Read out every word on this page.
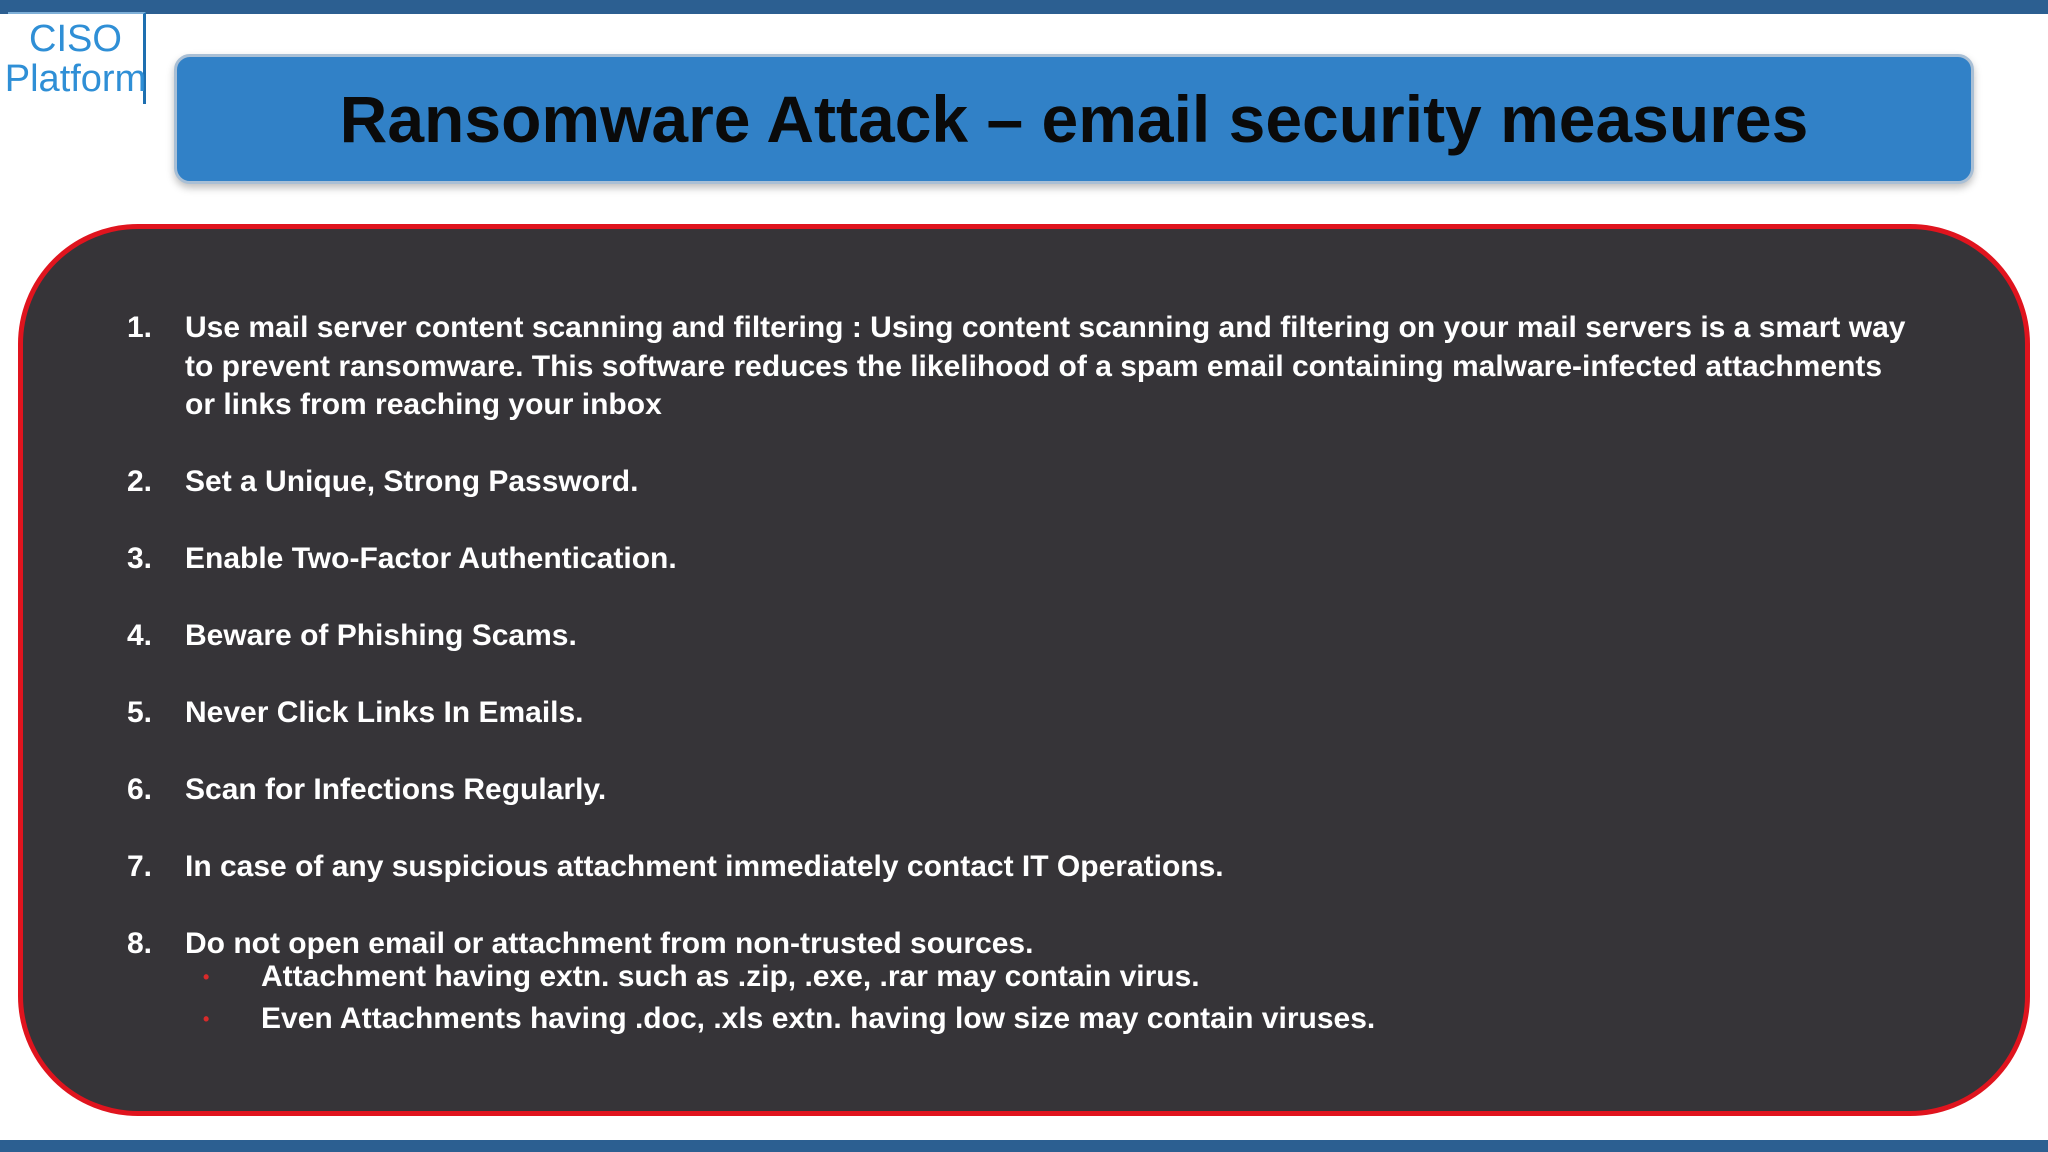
CISO
Platform
Ransomware Attack – email security measures
1.	Use mail server content scanning and filtering : Using content scanning and filtering on your mail servers is a smart way to prevent ransomware. This software reduces the likelihood of a spam email containing malware-infected attachments or links from reaching your inbox
2.	Set a Unique, Strong Password.
3.	Enable Two-Factor Authentication.
4.	Beware of Phishing Scams.
5.	Never Click Links In Emails.
6.	Scan for Infections Regularly.
7.	In case of any suspicious attachment immediately contact IT Operations.
8.	Do not open email or attachment from non-trusted sources.
•	Attachment having extn. such as .zip, .exe, .rar may contain virus.
•	Even Attachments having .doc, .xls extn. having low size may contain viruses.
